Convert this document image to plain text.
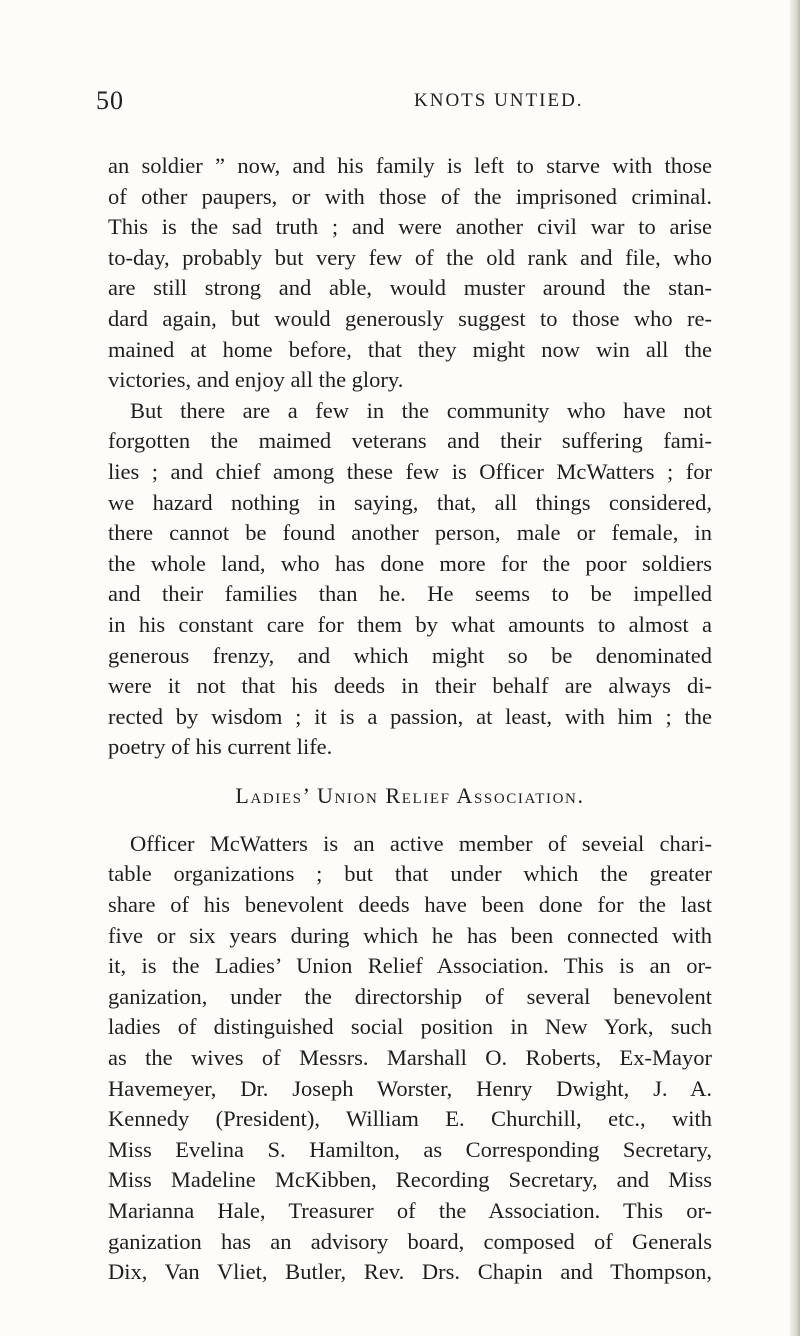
50	KNOTS UNTIED.
an soldier ” now, and his family is left to starve with those
of other paupers, or with those of the imprisoned criminal.
This is the sad truth ; and were another civil war to arise
to-day, probably but very few of the old rank and file, who
are still strong and able, would muster around the stan-
dard again, but would generously suggest to those who re-
mained at home before, that they might now win all the
victories, and enjoy all the glory.
But there are a few in the community who have not
forgotten the maimed veterans and their suffering fami-
lies ; and chief among these few is Officer McWatters ; for
we hazard nothing in saying, that, all things considered,
there cannot be found another person, male or female, in
the whole land, who has done more for the poor soldiers
and their families than he. He seems to be impelled
in his constant care for them by what amounts to almost a
generous frenzy, and which might so be denominated
were it not that his deeds in their behalf are always di-
rected by wisdom ; it is a passion, at least, with him ; the
poetry of his current life.
Ladies’ Union Relief Association.
Officer McWatters is an active member of seveial chari-
table organizations ; but that under which the greater
share of his benevolent deeds have been done for the last
five or six years during which he has been connected with
it, is the Ladies’ Union Relief Association. This is an or-
ganization, under the directorship of several benevolent
ladies of distinguished social position in New York, such
as the wives of Messrs. Marshall O. Roberts, Ex-Mayor
Havemeyer, Dr. Joseph Worster, Henry Dwight, J. A.
Kennedy (President), William E. Churchill, etc., with
Miss Evelina S. Hamilton, as Corresponding Secretary,
Miss Madeline McKibben, Recording Secretary, and Miss
Marianna Hale, Treasurer of the Association. This or-
ganization has an advisory board, composed of Generals
Dix, Van Vliet, Butler, Rev. Drs. Chapin and Thompson,
